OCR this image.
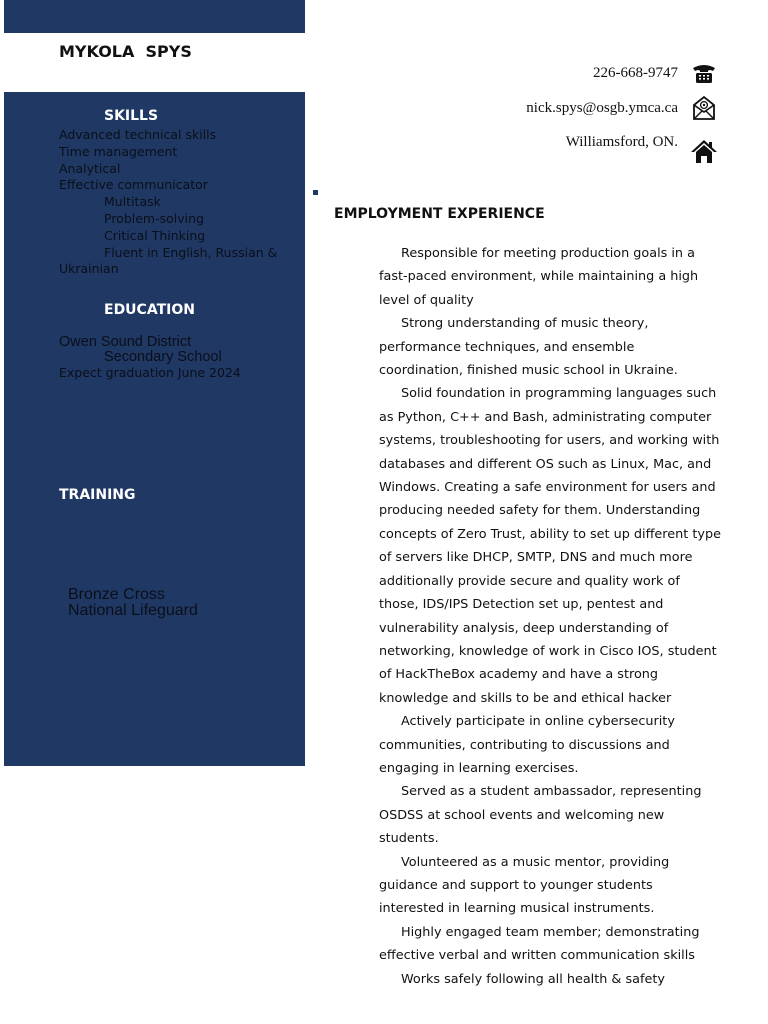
MYKOLA  SPYS
SKILLS
Advanced technical skills
Time management
Analytical
Effective communicator
Multitask
Problem-solving
Critical Thinking
Fluent in English, Russian & Ukrainian
EDUCATION

Owen Sound District
Secondary School

Expect graduation June 2024

TRAINING
Bronze Cross
National Lifeguard
226-668-9747
nick.spys@osgb.ymca.ca
Williamsford, ON.
EMPLOYMENT EXPERIENCE

Responsible for meeting production goals in a fast-paced environment, while maintaining a high level of quality

Strong understanding of music theory, performance techniques, and ensemble coordination, finished music school in Ukraine.

Solid foundation in programming languages such as Python, C++ and Bash, administrating computer systems, troubleshooting for users, and working with databases and different OS such as Linux, Mac, and Windows. Creating a safe environment for users and producing needed safety for them. Understanding concepts of Zero Trust, ability to set up different type of servers like DHCP, SMTP, DNS and much more additionally provide secure and quality work of those, IDS/IPS Detection set up, pentest and vulnerability analysis, deep understanding of networking, knowledge of work in Cisco IOS, student of HackTheBox academy and have a strong knowledge and skills to be and ethical hacker

Actively participate in online cybersecurity communities, contributing to discussions and engaging in learning exercises.

Served as a student ambassador, representing OSDSS at school events and welcoming new students.

Volunteered as a music mentor, providing guidance and support to younger students interested in learning musical instruments.

Highly engaged team member; demonstrating effective verbal and written communication skills

Works safely following all health & safety
